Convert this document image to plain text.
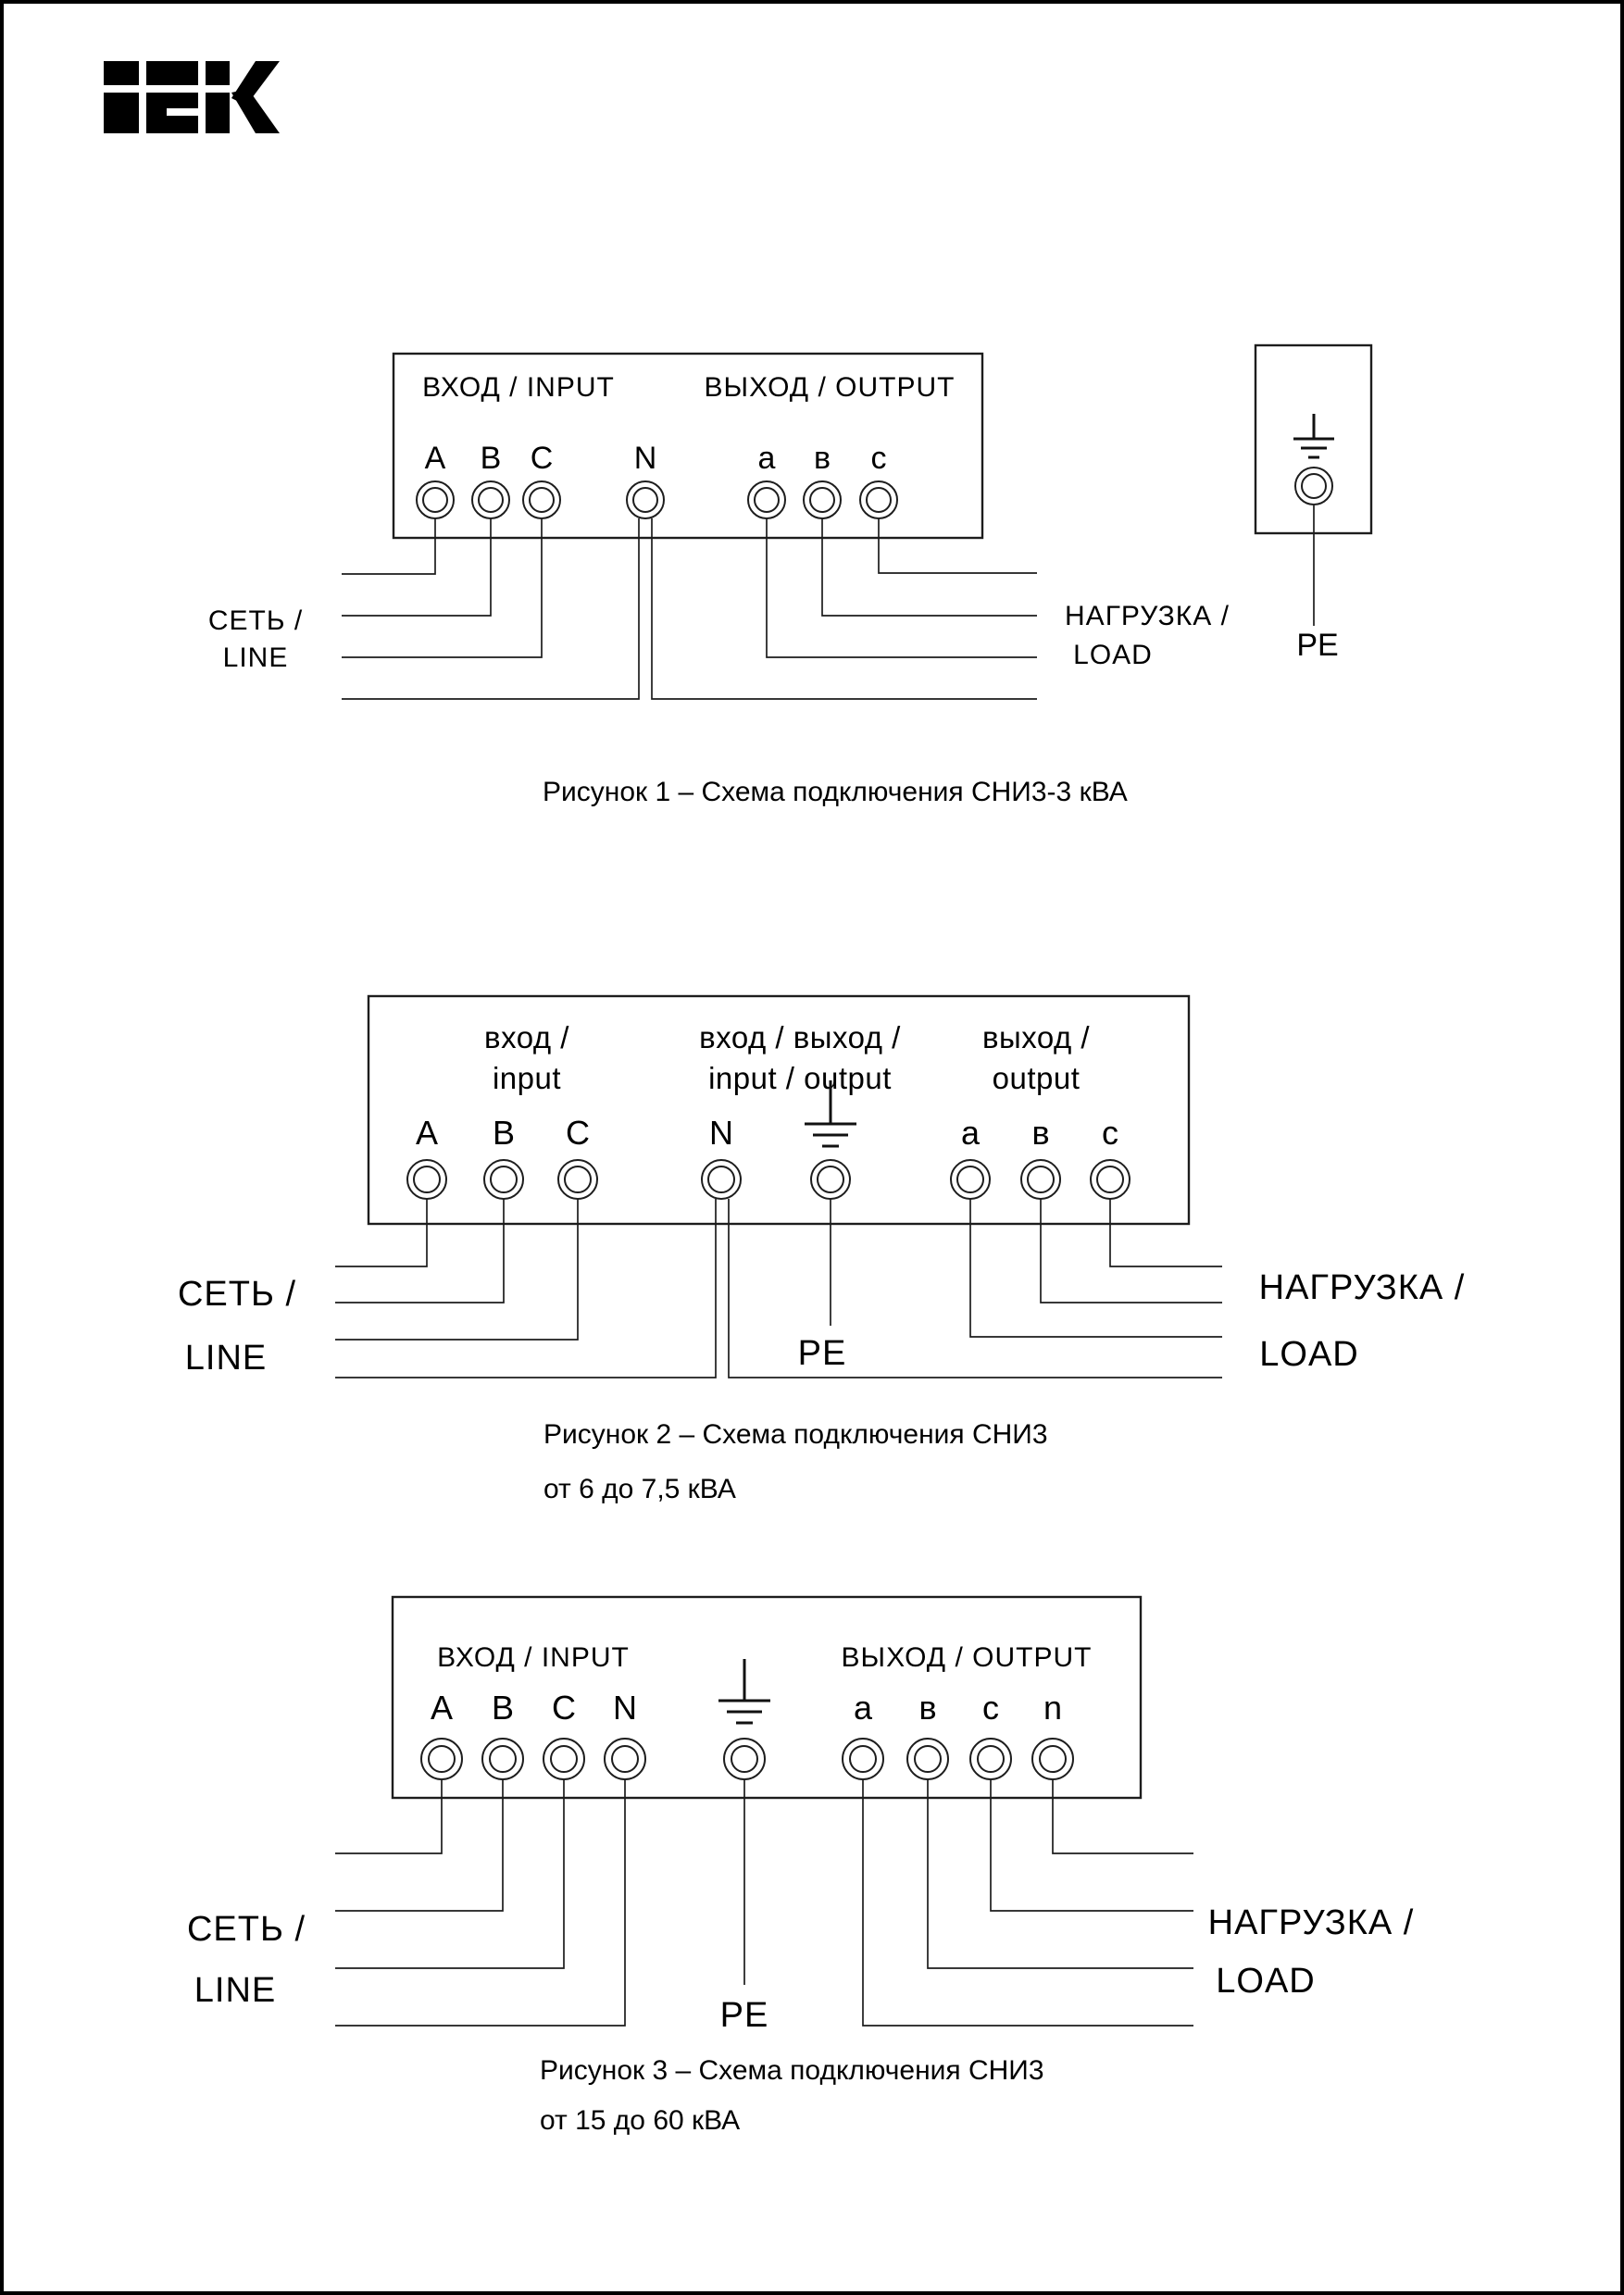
ВХОД / INPUT	ВЫХОД / OUTPUT
A B C	N	а в с
СЕТЬ /
LINE
НАГРУЗКА /
LOAD	PE
Рисунок 1 – Схема подключения СНИ3-3 кВА
вход /
input
вход / выход /
input / output
выход /
output
A B C	N	а в с
СЕТЬ /
LINE	PE
НАГРУЗКА /
LOAD
Рисунок 2 – Схема подключения СНИ3
от 6 до 7,5 кВА
ВХОД / INPUT	ВЫХОД / OUTPUT
A B C N	а в с n
СЕТЬ /
LINE
PE
НАГРУЗКА /
LOAD
Рисунок 3 – Схема подключения СНИ3
от 15 до 60 кВА
